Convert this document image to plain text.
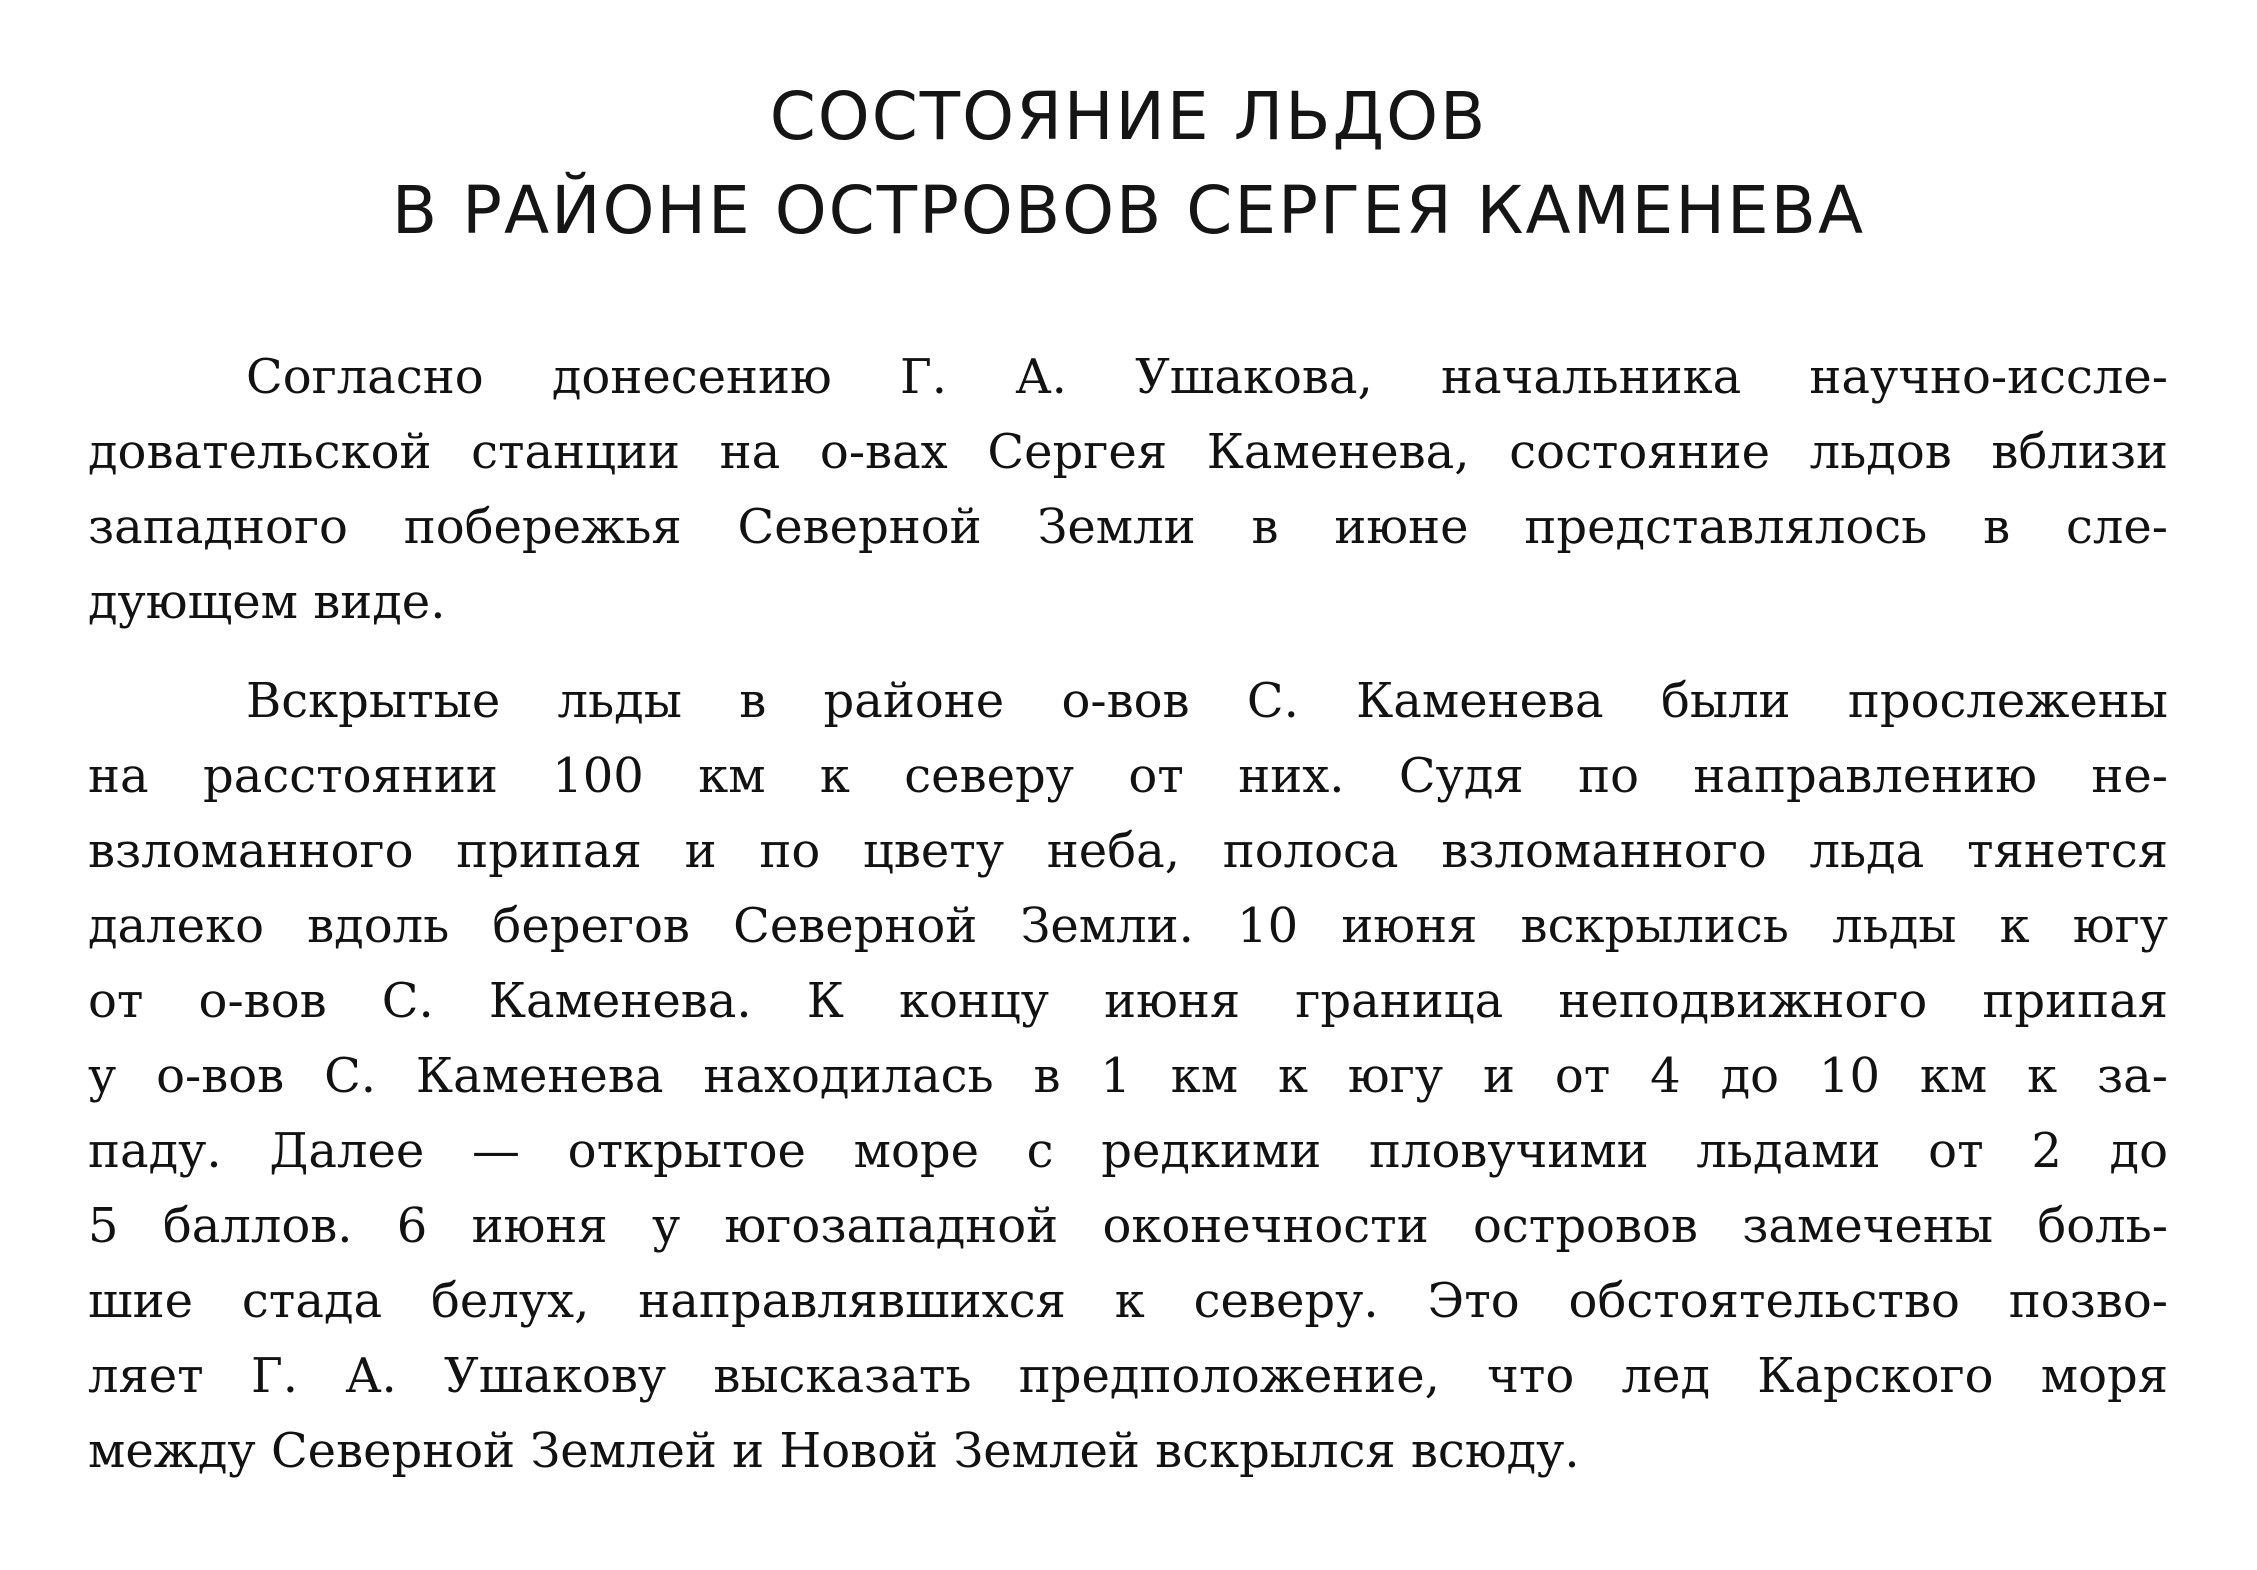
СОСТОЯНИЕ ЛЬДОВ
В РАЙОНЕ ОСТРОВОВ СЕРГЕЯ КАМЕНЕВА

Согласно донесению Г. А. Ушакова, начальника научно-иссле-
довательской станции на о-вах Сергея Каменева, состояние льдов вблизи
западного побережья Северной Земли в июне представлялось в сле-
дующем виде.

Вскрытые льды в районе о-вов С. Каменева были прослежены
на расстоянии 100 км к северу от них. Судя по направлению не-
взломанного припая и по цвету неба, полоса взломанного льда тянется
далеко вдоль берегов Северной Земли. 10 июня вскрылись льды к югу
от о-вов С. Каменева. К концу июня граница неподвижного припая
у о-вов С. Каменева находилась в 1 км к югу и от 4 до 10 км к за-
паду. Далее — открытое море с редкими пловучими льдами от 2 до
5 баллов. 6 июня у югозападной оконечности островов замечены боль-
шие стада белух, направлявшихся к северу. Это обстоятельство позво-
ляет Г. А. Ушакову высказать предположение, что лед Карского моря
между Северной Землей и Новой Землей вскрылся всюду.
